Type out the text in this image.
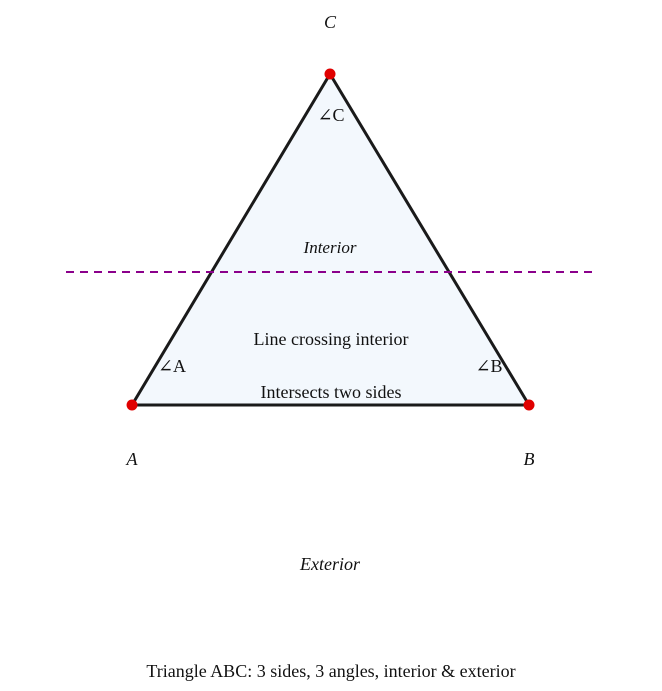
C
A	B
∠C
∠A	∠B
Interior
Exterior
Line crossing interior
Intersects two sides
Triangle ABC: 3 sides, 3 angles, interior & exterior
